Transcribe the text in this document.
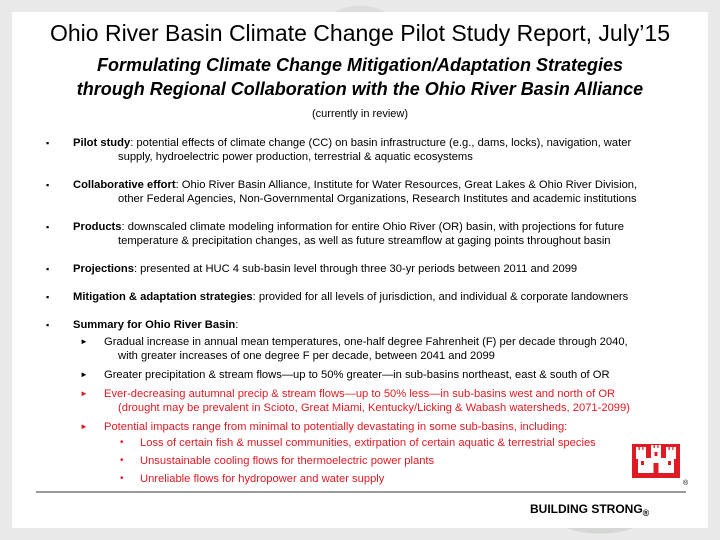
Ohio River Basin Climate Change Pilot Study Report, July’15
Formulating Climate Change Mitigation/Adaptation Strategies
through Regional Collaboration with the Ohio River Basin Alliance
(currently in review)
▪ Pilot study: potential effects of climate change (CC) on basin infrastructure (e.g., dams, locks), navigation, water
supply, hydroelectric power production, terrestrial & aquatic ecosystems
▪ Collaborative effort: Ohio River Basin Alliance, Institute for Water Resources, Great Lakes & Ohio River Division,
other Federal Agencies, Non-Governmental Organizations, Research Institutes and academic institutions
▪ Products: downscaled climate modeling information for entire Ohio River (OR) basin, with projections for future
temperature & precipitation changes, as well as future streamflow at gaging points throughout basin
▪ Projections: presented at HUC 4 sub-basin level through three 30-yr periods between 2011 and 2099
▪ Mitigation & adaptation strategies: provided for all levels of jurisdiction, and individual & corporate landowners
▪ Summary for Ohio River Basin:
► Gradual increase in annual mean temperatures, one-half degree Fahrenheit (F) per decade through 2040,
with greater increases of one degree F per decade, between 2041 and 2099
► Greater precipitation & stream flows—up to 50% greater—in sub-basins northeast, east & south of OR
► Ever-decreasing autumnal precip & stream flows—up to 50% less—in sub-basins west and north of OR
(drought may be prevalent in Scioto, Great Miami, Kentucky/Licking & Wabash watersheds, 2071-2099)
► Potential impacts range from minimal to potentially devastating in some sub-basins, including:
• Loss of certain fish & mussel communities, extirpation of certain aquatic & terrestrial species
• Unsustainable cooling flows for thermoelectric power plants
• Unreliable flows for hydropower and water supply	®
BUILDING $STRONG_®$
